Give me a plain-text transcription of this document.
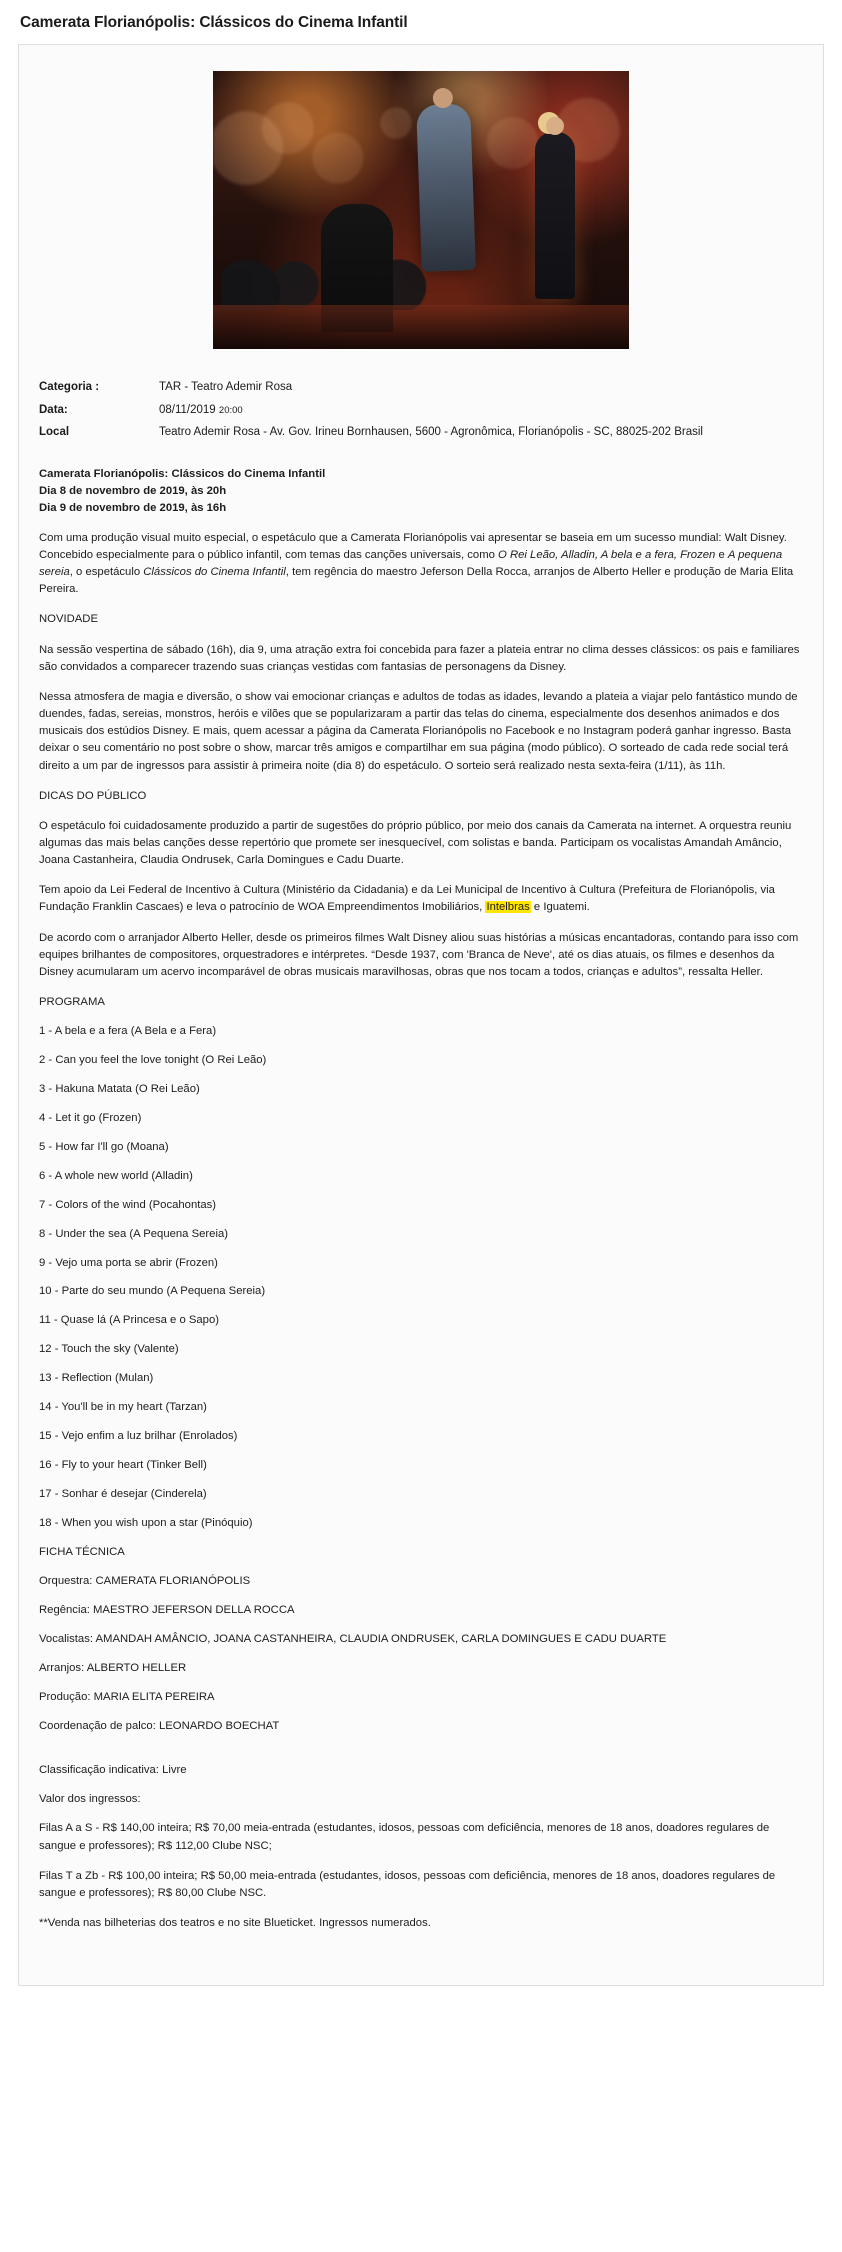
Camerata Florianópolis: Clássicos do Cinema Infantil
Categoria :	TAR - Teatro Ademir Rosa
Data:	08/11/2019 20:00
Local	Teatro Ademir Rosa - Av. Gov. Irineu Bornhausen, 5600 - Agronômica, Florianópolis - SC, 88025-202 Brasil
Camerata Florianópolis: Clássicos do Cinema Infantil
Dia 8 de novembro de 2019, às 20h
Dia 9 de novembro de 2019, às 16h

Com uma produção visual muito especial, o espetáculo que a Camerata Florianópolis vai apresentar se baseia em um sucesso mundial: Walt Disney. Concebido especialmente para o público infantil, com temas das canções universais, como O Rei Leão, Alladin, A bela e a fera, Frozen e A pequena sereia, o espetáculo Clássicos do Cinema Infantil, tem regência do maestro Jeferson Della Rocca, arranjos de Alberto Heller e produção de Maria Elita Pereira.

NOVIDADE

Na sessão vespertina de sábado (16h), dia 9, uma atração extra foi concebida para fazer a plateia entrar no clima desses clássicos: os pais e familiares são convidados a comparecer trazendo suas crianças vestidas com fantasias de personagens da Disney.

Nessa atmosfera de magia e diversão, o show vai emocionar crianças e adultos de todas as idades, levando a plateia a viajar pelo fantástico mundo de duendes, fadas, sereias, monstros, heróis e vilões que se popularizaram a partir das telas do cinema, especialmente dos desenhos animados e dos musicais dos estúdios Disney. E mais, quem acessar a página da Camerata Florianópolis no Facebook e no Instagram poderá ganhar ingresso. Basta deixar o seu comentário no post sobre o show, marcar três amigos e compartilhar em sua página (modo público). O sorteado de cada rede social terá direito a um par de ingressos para assistir à primeira noite (dia 8) do espetáculo. O sorteio será realizado nesta sexta-feira (1/11), às 11h.

DICAS DO PÚBLICO

O espetáculo foi cuidadosamente produzido a partir de sugestões do próprio público, por meio dos canais da Camerata na internet. A orquestra reuniu algumas das mais belas canções desse repertório que promete ser inesquecível, com solistas e banda. Participam os vocalistas Amandah Amâncio, Joana Castanheira, Claudia Ondrusek, Carla Domingues e Cadu Duarte.

Tem apoio da Lei Federal de Incentivo à Cultura (Ministério da Cidadania) e da Lei Municipal de Incentivo à Cultura (Prefeitura de Florianópolis, via Fundação Franklin Cascaes) e leva o patrocínio de WOA Empreendimentos Imobiliários, Intelbras e Iguatemi.

De acordo com o arranjador Alberto Heller, desde os primeiros filmes Walt Disney aliou suas histórias a músicas encantadoras, contando para isso com equipes brilhantes de compositores, orquestradores e intérpretes. “Desde 1937, com 'Branca de Neve', até os dias atuais, os filmes e desenhos da Disney acumularam um acervo incomparável de obras musicais maravilhosas, obras que nos tocam a todos, crianças e adultos”, ressalta Heller.

PROGRAMA

1 - A bela e a fera (A Bela e a Fera)

2 - Can you feel the love tonight (O Rei Leão)

3 - Hakuna Matata (O Rei Leão)

4 - Let it go (Frozen)

5 - How far I'll go (Moana)

6 - A whole new world (Alladin)

7 - Colors of the wind (Pocahontas)

8 - Under the sea (A Pequena Sereia)

9 - Vejo uma porta se abrir (Frozen)

10 - Parte do seu mundo (A Pequena Sereia)

11 - Quase lá (A Princesa e o Sapo)

12 - Touch the sky (Valente)

13 - Reflection (Mulan)

14 - You'll be in my heart (Tarzan)

15 - Vejo enfim a luz brilhar (Enrolados)

16 - Fly to your heart (Tinker Bell)

17 - Sonhar é desejar (Cinderela)

18 - When you wish upon a star (Pinóquio)

FICHA TÉCNICA

Orquestra: CAMERATA FLORIANÓPOLIS

Regência: MAESTRO JEFERSON DELLA ROCCA

Vocalistas: AMANDAH AMÂNCIO, JOANA CASTANHEIRA, CLAUDIA ONDRUSEK, CARLA DOMINGUES E CADU DUARTE

Arranjos: ALBERTO HELLER

Produção: MARIA ELITA PEREIRA

Coordenação de palco: LEONARDO BOECHAT

Classificação indicativa: Livre

Valor dos ingressos:

Filas A a S - R$ 140,00 inteira; R$ 70,00 meia-entrada (estudantes, idosos, pessoas com deficiência, menores de 18 anos, doadores regulares de sangue e professores); R$ 112,00 Clube NSC;

Filas T a Zb - R$ 100,00 inteira; R$ 50,00 meia-entrada (estudantes, idosos, pessoas com deficiência, menores de 18 anos, doadores regulares de sangue e professores); R$ 80,00 Clube NSC.

**Venda nas bilheterias dos teatros e no site Blueticket. Ingressos numerados.
